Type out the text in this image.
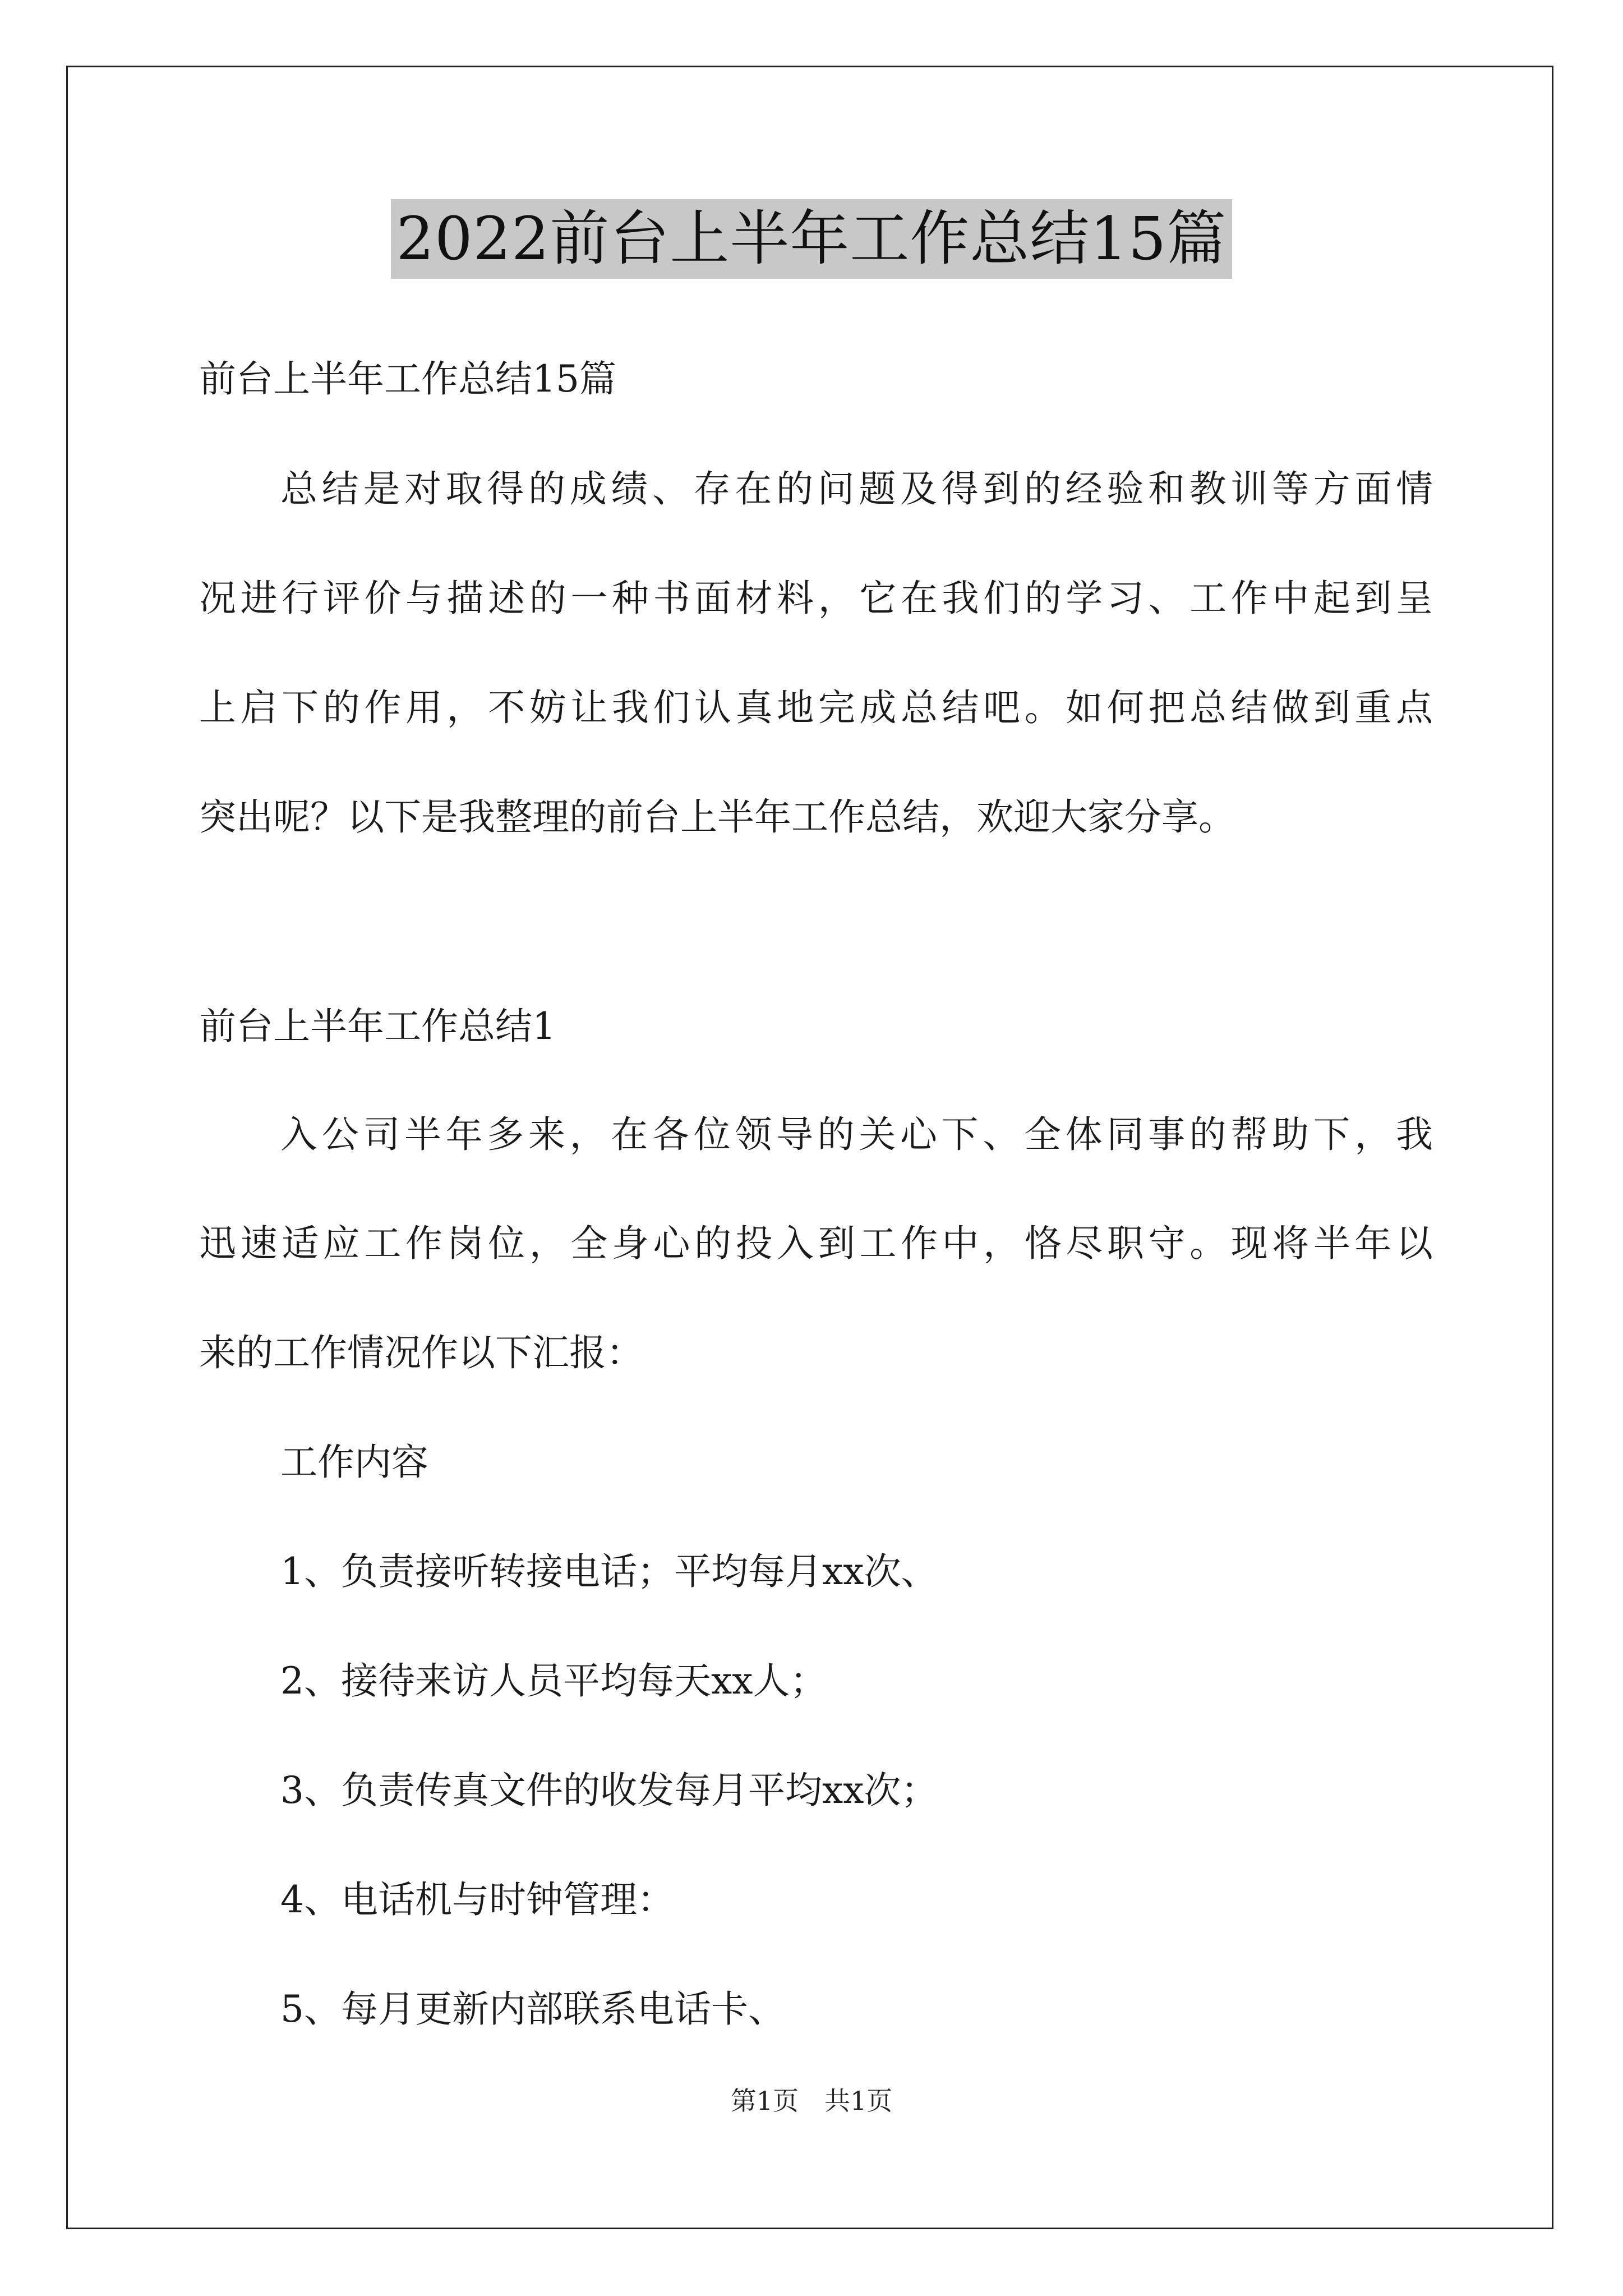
2022前台上半年工作总结15篇
前台上半年工作总结15篇
总结是对取得的成绩、存在的问题及得到的经验和教训等方面情
况进行评价与描述的一种书面材料，它在我们的学习、工作中起到呈
上启下的作用，不妨让我们认真地完成总结吧。如何把总结做到重点
突出呢？以下是我整理的前台上半年工作总结，欢迎大家分享。
前台上半年工作总结1
入公司半年多来，在各位领导的关心下、全体同事的帮助下，我
迅速适应工作岗位，全身心的投入到工作中，恪尽职守。现将半年以
来的工作情况作以下汇报：
工作内容
1、负责接听转接电话；平均每月xx次、
2、接待来访人员平均每天xx人；
3、负责传真文件的收发每月平均xx次；
4、电话机与时钟管理：
5、每月更新内部联系电话卡、
第1页　共1页
